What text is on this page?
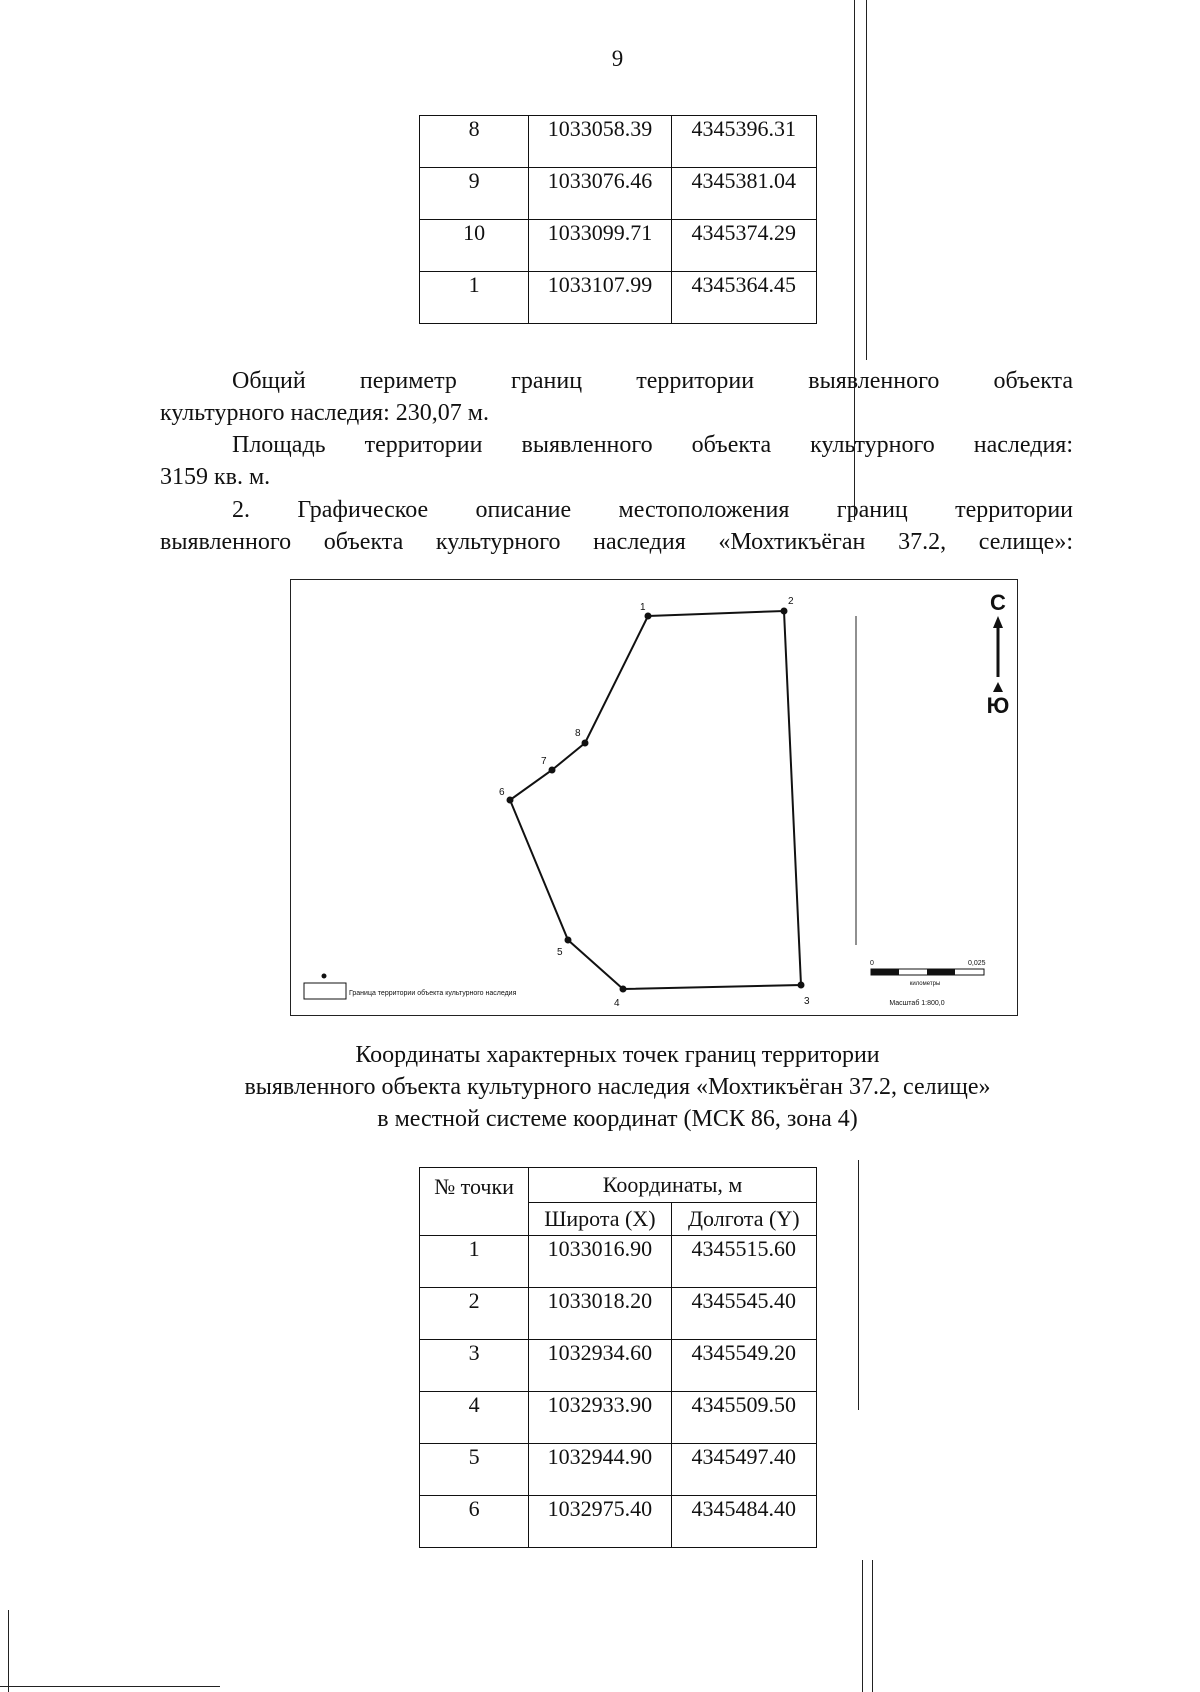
9
8	1033058.39	4345396.31
9	1033076.46	4345381.04
10	1033099.71	4345374.29
1	1033107.99	4345364.45
Общий периметр границ территории выявленного объекта
культурного наследия: 230,07 м.
Площадь территории выявленного объекта культурного наследия:
3159 кв. м.
2. Графическое описание местоположения границ территории
выявленного объекта культурного наследия «Мохтикъёган 37.2, селище»:
1
2
3
4
5
6
7
8
С
Ю
Граница территории объекта культурного наследия
0	0,025
километры
Масштаб 1:800,0
Координаты характерных точек границ территории
выявленного объекта культурного наследия «Мохтикъёган 37.2, селище»
в местной системе координат (МСК 86, зона 4)
№ точки	Координаты, м	
	Широта (X)	Долгота (Y)
1	1033016.90	4345515.60
2	1033018.20	4345545.40
3	1032934.60	4345549.20
4	1032933.90	4345509.50
5	1032944.90	4345497.40
6	1032975.40	4345484.40
